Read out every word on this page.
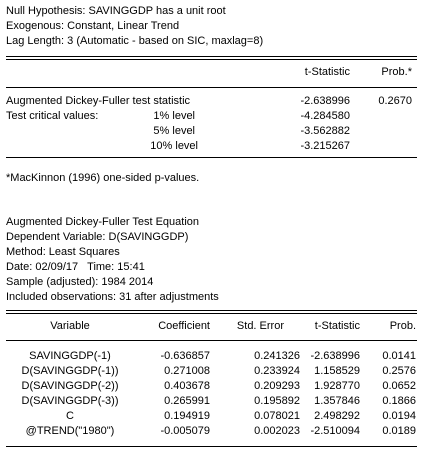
Null Hypothesis: SAVINGGDP has a unit root
Exogenous: Constant, Linear Trend
Lag Length: 3 (Automatic - based on SIC, maxlag=8)
t-Statistic	Prob.*
Augmented Dickey-Fuller test statistic	-2.638996	0.2670
Test critical values:	1% level	-4.284580
5% level	-3.562882
10% level	-3.215267
*MacKinnon (1996) one-sided p-values.
Augmented Dickey-Fuller Test Equation
Dependent Variable: D(SAVINGGDP)
Method: Least Squares
Date: 02/09/17   Time: 15:41
Sample (adjusted): 1984 2014
Included observations: 31 after adjustments
Variable	Coefficient	Std. Error	t-Statistic	Prob.
SAVINGGDP(-1)	-0.636857	0.241326 -2.638996	0.0141
D(SAVINGGDP(-1))	0.271008	0.233924	1.158529	0.2576
D(SAVINGGDP(-2))	0.403678	0.209293	1.928770	0.0652
D(SAVINGGDP(-3))	0.265991	0.195892	1.357846	0.1866
C	0.194919	0.078021	2.498292	0.0194
@TREND("1980")	-0.005079	0.002023 -2.510094	0.0189
